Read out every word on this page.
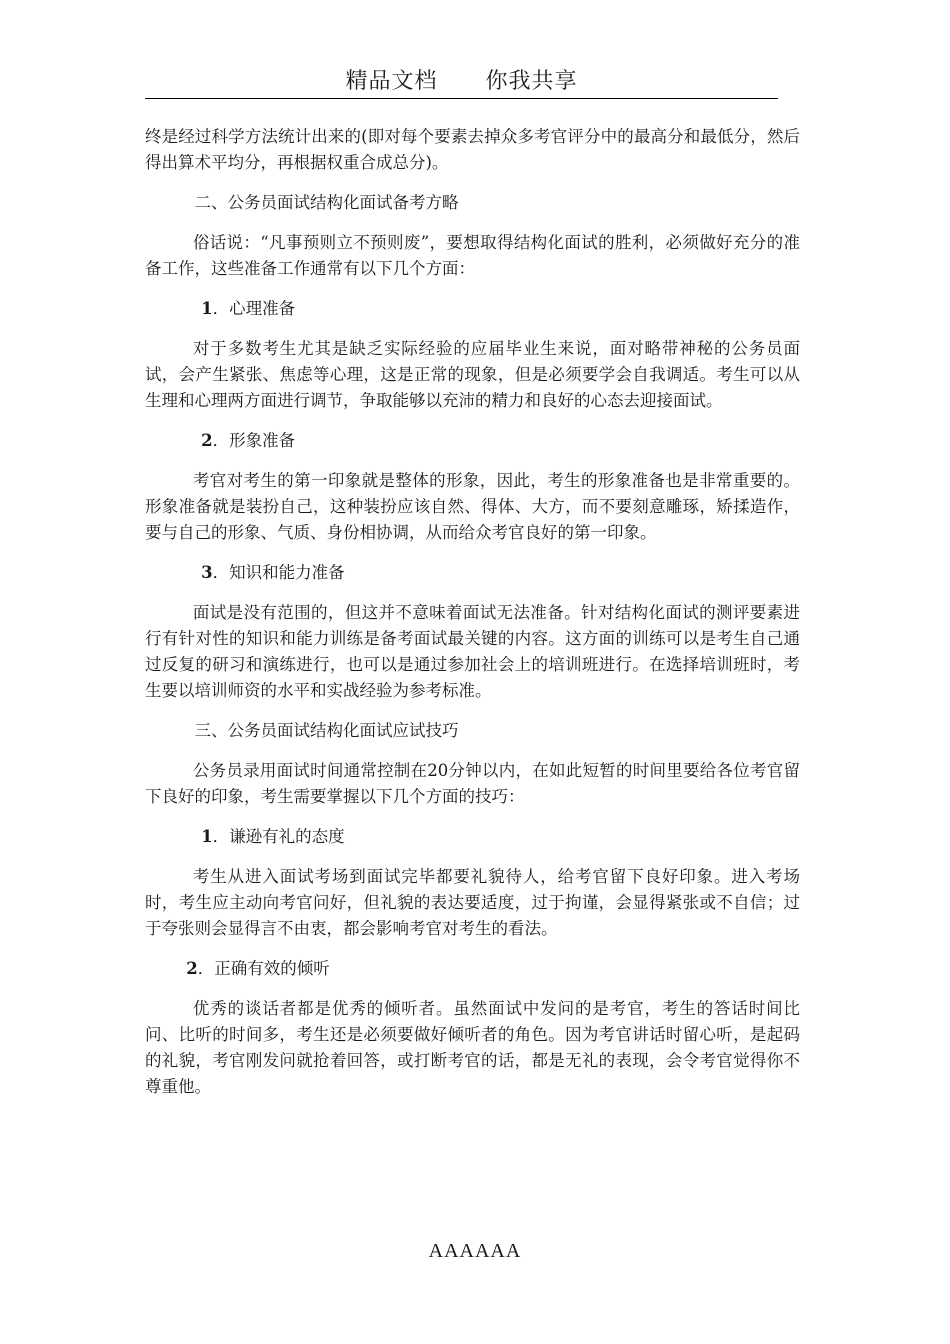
精品文档 你我共享

终是经过科学方法统计出来的(即对每个要素去掉众多考官评分中的最高分和最低分，然后得出算术平均分，再根据权重合成总分)。

二、公务员面试结构化面试备考方略

俗话说：“凡事预则立不预则废”，要想取得结构化面试的胜利，必须做好充分的准备工作，这些准备工作通常有以下几个方面：

1．心理准备

对于多数考生尤其是缺乏实际经验的应届毕业生来说，面对略带神秘的公务员面试，会产生紧张、焦虑等心理，这是正常的现象，但是必须要学会自我调适。考生可以从生理和心理两方面进行调节，争取能够以充沛的精力和良好的心态去迎接面试。

2．形象准备

考官对考生的第一印象就是整体的形象，因此，考生的形象准备也是非常重要的。形象准备就是装扮自己，这种装扮应该自然、得体、大方，而不要刻意雕琢，矫揉造作，要与自己的形象、气质、身份相协调，从而给众考官良好的第一印象。

3．知识和能力准备

面试是没有范围的，但这并不意味着面试无法准备。针对结构化面试的测评要素进行有针对性的知识和能力训练是备考面试最关键的内容。这方面的训练可以是考生自己通过反复的研习和演练进行，也可以是通过参加社会上的培训班进行。在选择培训班时，考生要以培训师资的水平和实战经验为参考标准。

三、公务员面试结构化面试应试技巧

公务员录用面试时间通常控制在20分钟以内，在如此短暂的时间里要给各位考官留下良好的印象，考生需要掌握以下几个方面的技巧：

1．谦逊有礼的态度

考生从进入面试考场到面试完毕都要礼貌待人，给考官留下良好印象。进入考场时，考生应主动向考官问好，但礼貌的表达要适度，过于拘谨，会显得紧张或不自信；过于夸张则会显得言不由衷，都会影响考官对考生的看法。

2．正确有效的倾听

优秀的谈话者都是优秀的倾听者。虽然面试中发问的是考官，考生的答话时间比问、比听的时间多，考生还是必须要做好倾听者的角色。因为考官讲话时留心听，是起码的礼貌，考官刚发问就抢着回答，或打断考官的话，都是无礼的表现，会令考官觉得你不尊重他。

AAAAAA
